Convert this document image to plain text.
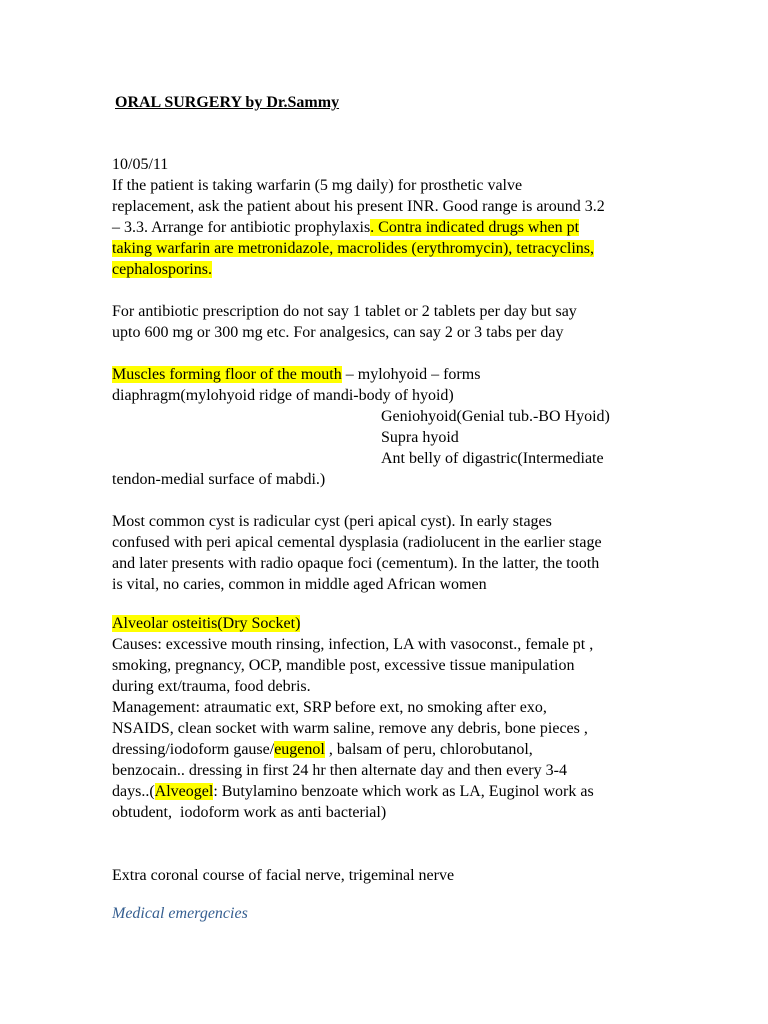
ORAL SURGERY by Dr.Sammy
10/05/11
If the patient is taking warfarin (5 mg daily) for prosthetic valve
replacement, ask the patient about his present INR. Good range is around 3.2
– 3.3. Arrange for antibiotic prophylaxis. Contra indicated drugs when pt
taking warfarin are metronidazole, macrolides (erythromycin), tetracyclins,
cephalosporins.
For antibiotic prescription do not say 1 tablet or 2 tablets per day but say
upto 600 mg or 300 mg etc. For analgesics, can say 2 or 3 tabs per day
Muscles forming floor of the mouth – mylohyoid – forms
diaphragm(mylohyoid ridge of mandi-body of hyoid)
Geniohyoid(Genial tub.-BO Hyoid)
Supra hyoid
Ant belly of digastric(Intermediate
tendon-medial surface of mabdi.)
Most common cyst is radicular cyst (peri apical cyst). In early stages
confused with peri apical cemental dysplasia (radiolucent in the earlier stage
and later presents with radio opaque foci (cementum). In the latter, the tooth
is vital, no caries, common in middle aged African women
Alveolar osteitis(Dry Socket)
Causes: excessive mouth rinsing, infection, LA with vasoconst., female pt ,
smoking, pregnancy, OCP, mandible post, excessive tissue manipulation
during ext/trauma, food debris.
Management: atraumatic ext, SRP before ext, no smoking after exo,
NSAIDS, clean socket with warm saline, remove any debris, bone pieces ,
dressing/iodoform gause/eugenol , balsam of peru, chlorobutanol,
benzocain.. dressing in first 24 hr then alternate day and then every 3-4
days..(Alveogel: Butylamino benzoate which work as LA, Euginol work as
obtudent,  iodoform work as anti bacterial)
Extra coronal course of facial nerve, trigeminal nerve
Medical emergencies
